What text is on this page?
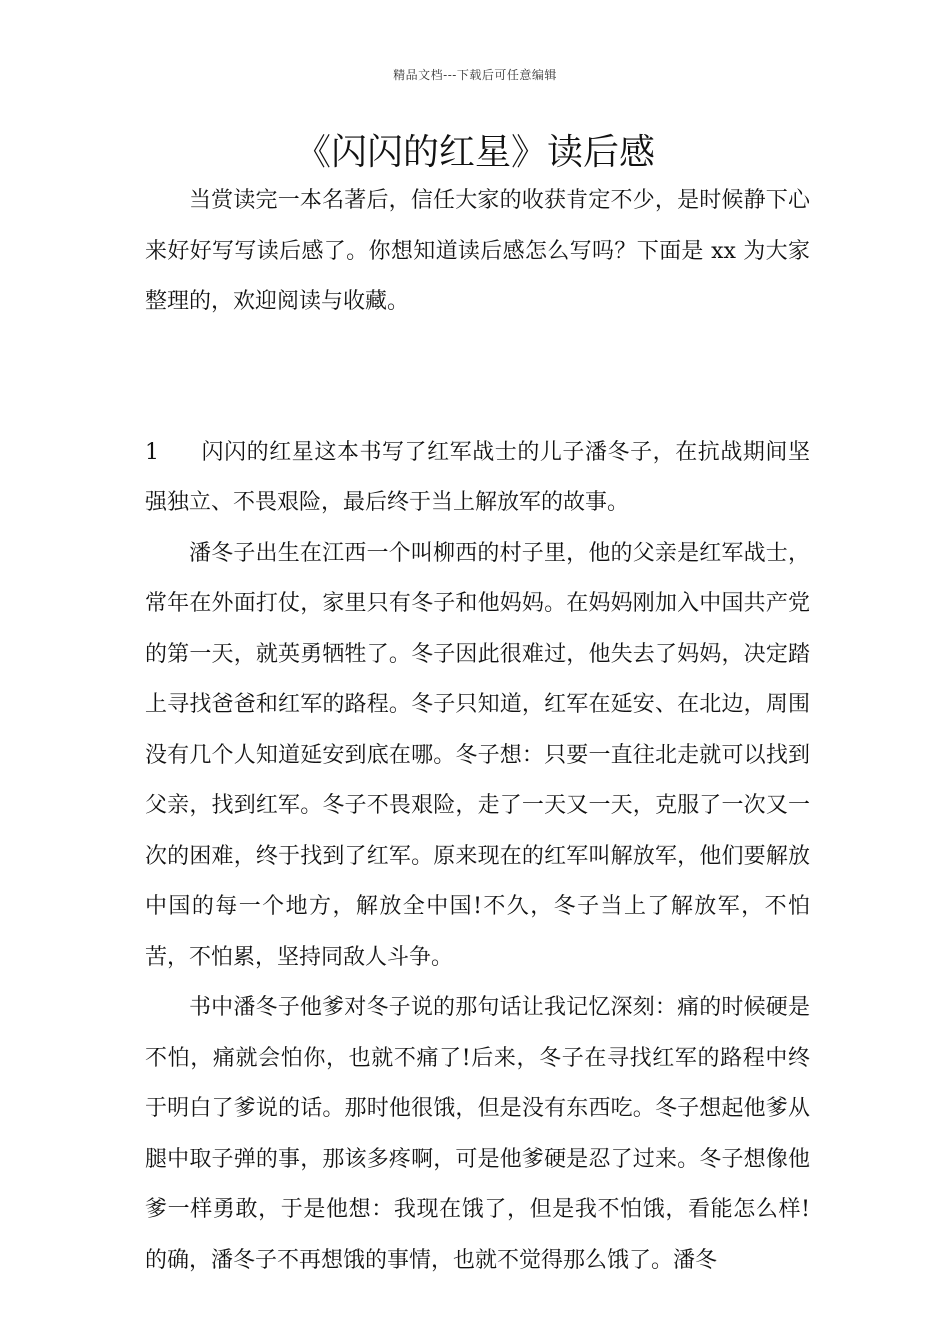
精品文档---下载后可任意编辑
《闪闪的红星》读后感

当赏读完一本名著后，信任大家的收获肯定不少，是时候静下心来好好写写读后感了。你想知道读后感怎么写吗？下面是 xx 为大家整理的，欢迎阅读与收藏。

1 闪闪的红星这本书写了红军战士的儿子潘冬子，在抗战期间坚强独立、不畏艰险，最后终于当上解放军的故事。

潘冬子出生在江西一个叫柳西的村子里，他的父亲是红军战士，常年在外面打仗，家里只有冬子和他妈妈。在妈妈刚加入中国共产党的第一天，就英勇牺牲了。冬子因此很难过，他失去了妈妈，决定踏上寻找爸爸和红军的路程。冬子只知道，红军在延安、在北边，周围没有几个人知道延安到底在哪。冬子想：只要一直往北走就可以找到父亲，找到红军。冬子不畏艰险，走了一天又一天，克服了一次又一次的困难，终于找到了红军。原来现在的红军叫解放军，他们要解放中国的每一个地方，解放全中国!不久，冬子当上了解放军，不怕苦，不怕累，坚持同敌人斗争。

书中潘冬子他爹对冬子说的那句话让我记忆深刻：痛的时候硬是不怕，痛就会怕你，也就不痛了!后来，冬子在寻找红军的路程中终于明白了爹说的话。那时他很饿，但是没有东西吃。冬子想起他爹从腿中取子弹的事，那该多疼啊，可是他爹硬是忍了过来。冬子想像他爹一样勇敢，于是他想：我现在饿了，但是我不怕饿，看能怎么样!的确，潘冬子不再想饿的事情，也就不觉得那么饿了。潘冬
